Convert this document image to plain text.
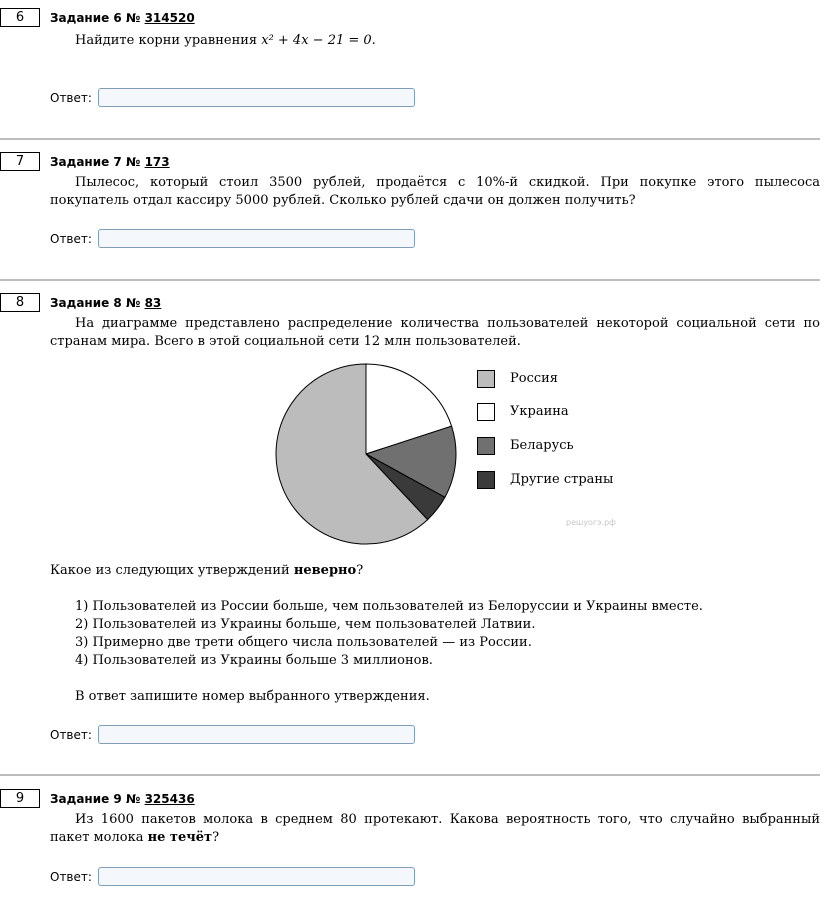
6	Задание 6 № 314520
Найдите корни уравнения x² + 4x − 21 = 0.
Ответ:
7	Задание 7 № 173
Пылесос, который стоил 3500 рублей, продаётся с 10%-й скидкой. При покупке этого пылесоса покупатель отдал кассиру 5000 рублей. Сколько рублей сдачи он должен получить?
Ответ:
8	Задание 8 № 83
На диаграмме представлено распределение количества пользователей некоторой социальной сети по странам мира. Всего в этой социальной сети 12 млн пользователей.
Россия
Украина
Беларусь
Другие страны
решуогэ.рф
Какое из следующих утверждений неверно?
1) Пользователей из России больше, чем пользователей из Белоруссии и Украины вместе.
2) Пользователей из Украины больше, чем пользователей Латвии.
3) Примерно две трети общего числа пользователей — из России.
4) Пользователей из Украины больше 3 миллионов.
В ответ запишите номер выбранного утверждения.
Ответ:
9	Задание 9 № 325436
Из 1600 пакетов молока в среднем 80 протекают. Какова вероятность того, что случайно выбранный пакет молока не течёт?
Ответ:
